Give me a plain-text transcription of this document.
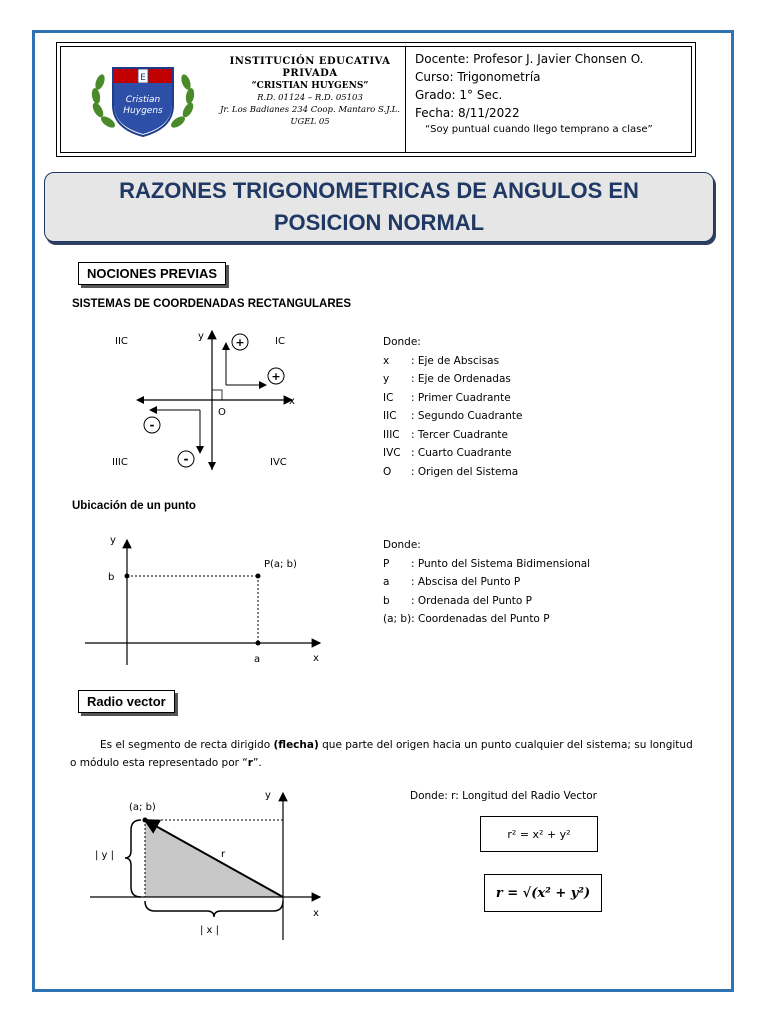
E
Cristian
Huygens
INSTITUCIÓN EDUCATIVA
PRIVADA
“CRISTIAN HUYGENS”
R.D. 01124 – R.D. 05103
Jr. Los Badianes 234 Coop. Mantaro S.J.L.
UGEL 05
Docente: Profesor J. Javier Chonsen O.
Curso: Trigonometría
Grado: 1° Sec.
Fecha: 8/11/2022
“Soy puntual cuando llego temprano a clase”
RAZONES TRIGONOMETRICAS DE ANGULOS EN POSICION NORMAL
NOCIONES PREVIAS
SISTEMAS DE COORDENADAS RECTANGULARES
+
+
-
-
y
x
O
IIC	IC
IIIC	IVC
Donde:
x : Eje de Abscisas
y : Eje de Ordenadas
IC : Primer Cuadrante
IIC : Segundo Cuadrante
IIIC : Tercer Cuadrante
IVC : Cuarto Cuadrante
O : Origen del Sistema
Ubicación de un punto
y
x
b
a
P(a; b)
Donde:
P : Punto del Sistema Bidimensional
a : Abscisa del Punto P
b : Ordenada del Punto P
(a; b): Coordenadas del Punto P
Radio vector
Es el segmento de recta dirigido (flecha) que parte del origen hacia un punto cualquier del sistema; su longitud o módulo esta representado por “r”.
(a; b)
y
x
r
| y |
| x |
Donde: r: Longitud del Radio Vector
r² = x² + y²
r = √(x² + y²)
